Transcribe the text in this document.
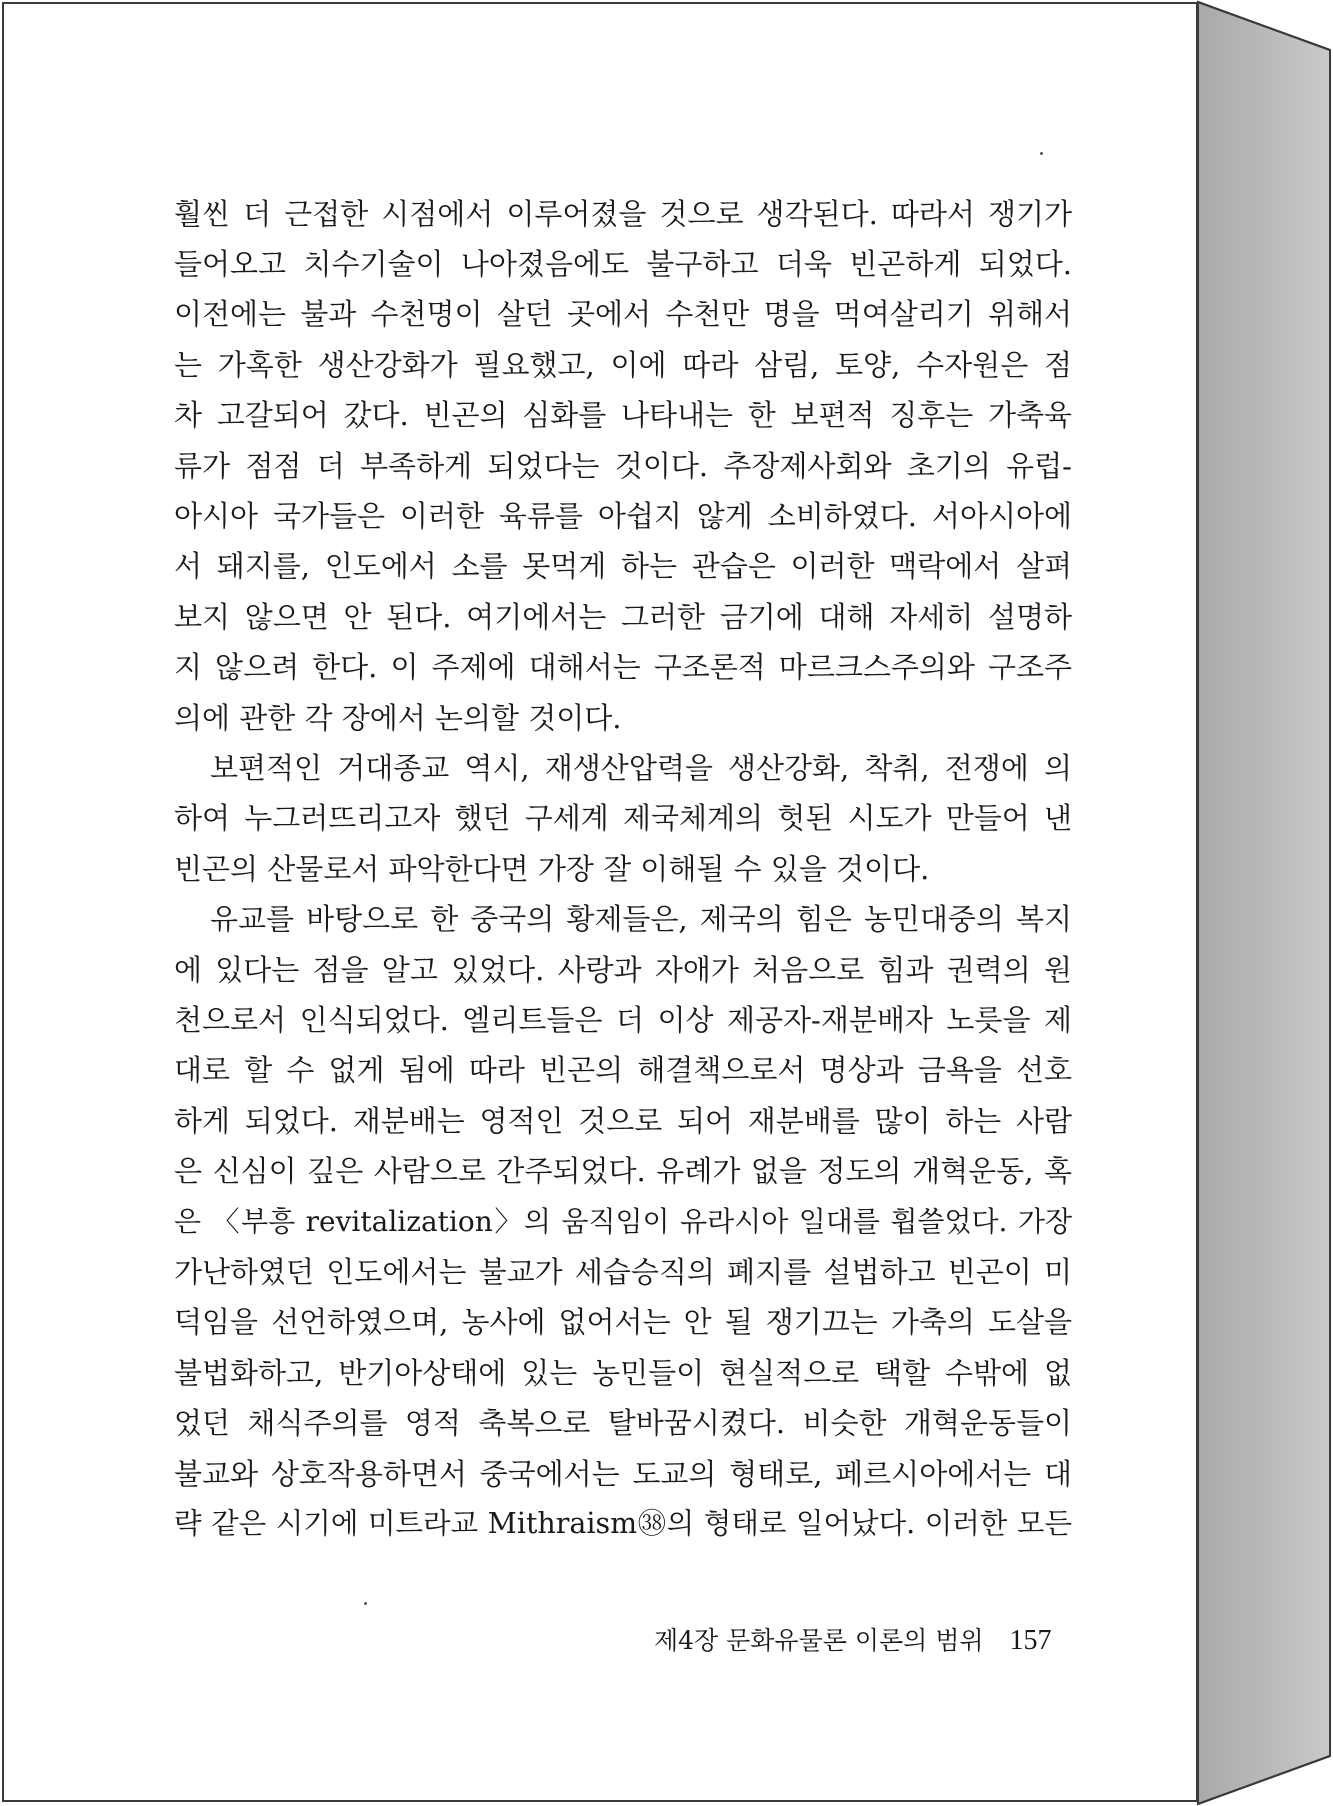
훨씬 더 근접한 시점에서 이루어졌을 것으로 생각된다. 따라서 쟁기가
들어오고 치수기술이 나아졌음에도 불구하고 더욱 빈곤하게 되었다.
이전에는 불과 수천명이 살던 곳에서 수천만 명을 먹여살리기 위해서
는 가혹한 생산강화가 필요했고, 이에 따라 삼림, 토양, 수자원은 점
차 고갈되어 갔다. 빈곤의 심화를 나타내는 한 보편적 징후는 가축육
류가 점점 더 부족하게 되었다는 것이다. 추장제사회와 초기의 유럽-
아시아 국가들은 이러한 육류를 아쉽지 않게 소비하였다. 서아시아에
서 돼지를, 인도에서 소를 못먹게 하는 관습은 이러한 맥락에서 살펴
보지 않으면 안 된다. 여기에서는 그러한 금기에 대해 자세히 설명하
지 않으려 한다. 이 주제에 대해서는 구조론적 마르크스주의와 구조주
의에 관한 각 장에서 논의할 것이다.
보편적인 거대종교 역시, 재생산압력을 생산강화, 착취, 전쟁에 의
하여 누그러뜨리고자 했던 구세계 제국체계의 헛된 시도가 만들어 낸
빈곤의 산물로서 파악한다면 가장 잘 이해될 수 있을 것이다.
유교를 바탕으로 한 중국의 황제들은, 제국의 힘은 농민대중의 복지
에 있다는 점을 알고 있었다. 사랑과 자애가 처음으로 힘과 권력의 원
천으로서 인식되었다. 엘리트들은 더 이상 제공자-재분배자 노릇을 제
대로 할 수 없게 됨에 따라 빈곤의 해결책으로서 명상과 금욕을 선호
하게 되었다. 재분배는 영적인 것으로 되어 재분배를 많이 하는 사람
은 신심이 깊은 사람으로 간주되었다. 유례가 없을 정도의 개혁운동, 혹
은 〈부흥 revitalization〉의 움직임이 유라시아 일대를 휩쓸었다. 가장
가난하였던 인도에서는 불교가 세습승직의 폐지를 설법하고 빈곤이 미
덕임을 선언하였으며, 농사에 없어서는 안 될 쟁기끄는 가축의 도살을
불법화하고, 반기아상태에 있는 농민들이 현실적으로 택할 수밖에 없
었던 채식주의를 영적 축복으로 탈바꿈시켰다. 비슷한 개혁운동들이
불교와 상호작용하면서 중국에서는 도교의 형태로, 페르시아에서는 대
략 같은 시기에 미트라교 Mithraism㊳의 형태로 일어났다. 이러한 모든
제4장 문화유물론 이론의 범위 157
